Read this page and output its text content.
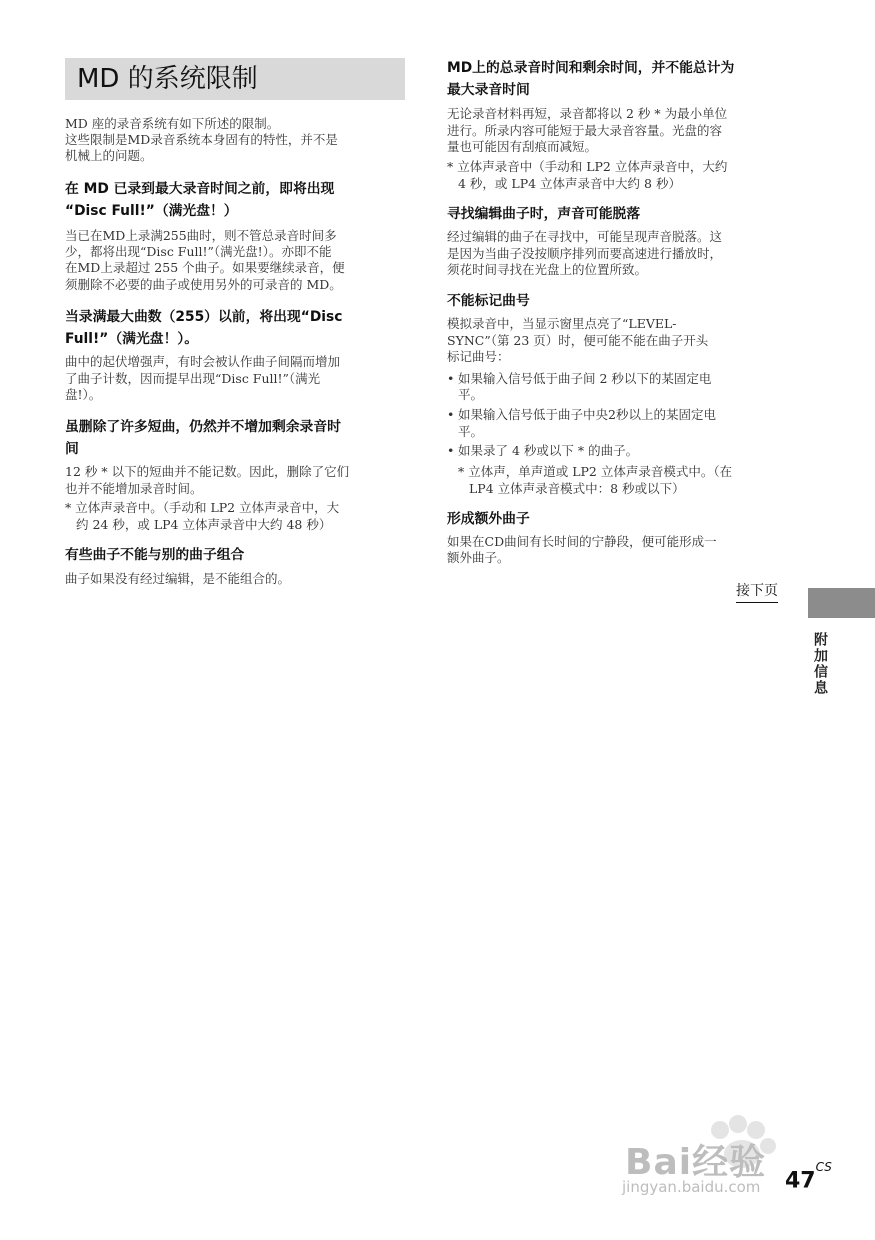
MD 的系统限制

MD 座的录音系统有如下所述的限制。

这些限制是MD录音系统本身固有的特性，并不是

机械上的问题。

在 MD 已录到最大录音时间之前，即将出现

“Disc Full!”（满光盘！）

当已在MD上录满255曲时，则不管总录音时间多

少，都将出现“Disc Full!”（满光盘!）。亦即不能

在MD上录超过 255 个曲子。如果要继续录音，便

须删除不必要的曲子或使用另外的可录音的 MD。

当录满最大曲数（255）以前，将出现“Disc

Full!”（满光盘！）。

曲中的起伏增强声，有时会被认作曲子间隔而增加

了曲子计数，因而提早出现“Disc Full!”（满光

盘!）。

虽删除了许多短曲，仍然并不增加剩余录音时

间

12 秒 * 以下的短曲并不能记数。因此，删除了它们

也并不能增加录音时间。

* 立体声录音中。（手动和 LP2 立体声录音中，大

约 24 秒，或 LP4 立体声录音中大约 48 秒）

有些曲子不能与别的曲子组合

曲子如果没有经过编辑，是不能组合的。

MD上的总录音时间和剩余时间，并不能总计为

最大录音时间

无论录音材料再短，录音都将以 2 秒 * 为最小单位

进行。所录内容可能短于最大录音容量。光盘的容

量也可能因有刮痕而减短。

* 立体声录音中（手动和 LP2 立体声录音中，大约

4 秒，或 LP4 立体声录音中大约 8 秒）

寻找编辑曲子时，声音可能脱落

经过编辑的曲子在寻找中，可能呈现声音脱落。这

是因为当曲子没按顺序排列而要高速进行播放时，

须花时间寻找在光盘上的位置所致。

不能标记曲号

模拟录音中，当显示窗里点亮了“LEVEL-

SYNC”（第 23 页）时，便可能不能在曲子开头

标记曲号：

• 如果输入信号低于曲子间 2 秒以下的某固定电

平。

• 如果输入信号低于曲子中央2秒以上的某固定电

平。

• 如果录了 4 秒或以下 * 的曲子。

* 立体声，单声道或 LP2 立体声录音模式中。（在

LP4 立体声录音模式中：8 秒或以下）

形成额外曲子

如果在CD曲间有长时间的宁静段，便可能形成一

额外曲子。

接下页
附加信息
Bai经验
jingyan.baidu.com $47^{CS}$
